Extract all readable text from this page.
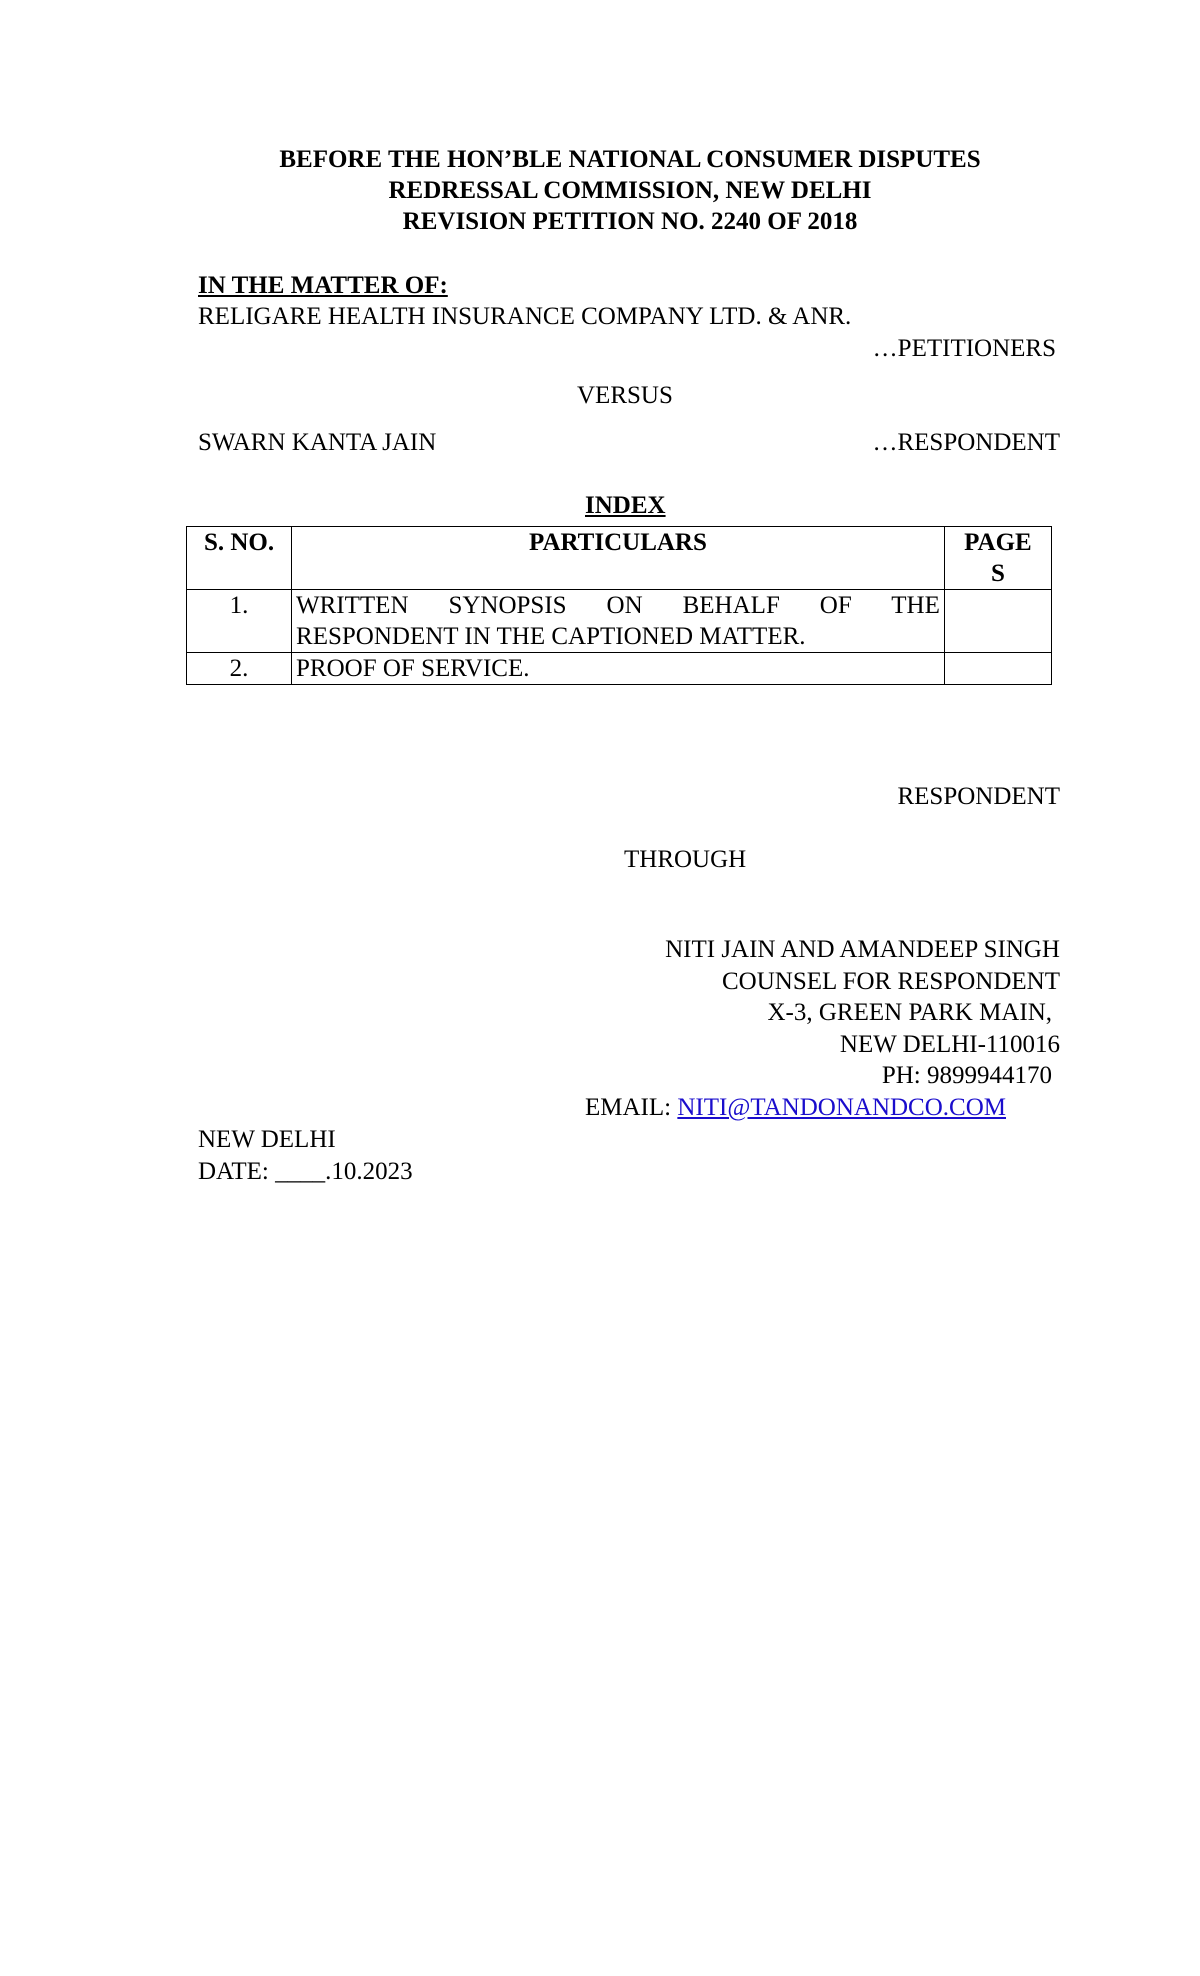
BEFORE THE HON’BLE NATIONAL CONSUMER DISPUTES
REDRESSAL COMMISSION, NEW DELHI
REVISION PETITION NO. 2240 OF 2018
IN THE MATTER OF:
RELIGARE HEALTH INSURANCE COMPANY LTD. & ANR.
…PETITIONERS
VERSUS
SWARN KANTA JAIN	…RESPONDENT
INDEX
S. NO.	PARTICULARS	PAGE
S

1.	WRITTEN SYNOPSIS ON BEHALF OF THE RESPONDENT IN THE CAPTIONED MATTER.	
2.	PROOF OF SERVICE.	
RESPONDENT
THROUGH
NITI JAIN AND AMANDEEP SINGH
COUNSEL FOR RESPONDENT
X-3, GREEN PARK MAIN,
NEW DELHI-110016
PH: 9899944170
EMAIL: NITI@TANDONANDCO.COM
NEW DELHI
DATE: ____.10.2023
